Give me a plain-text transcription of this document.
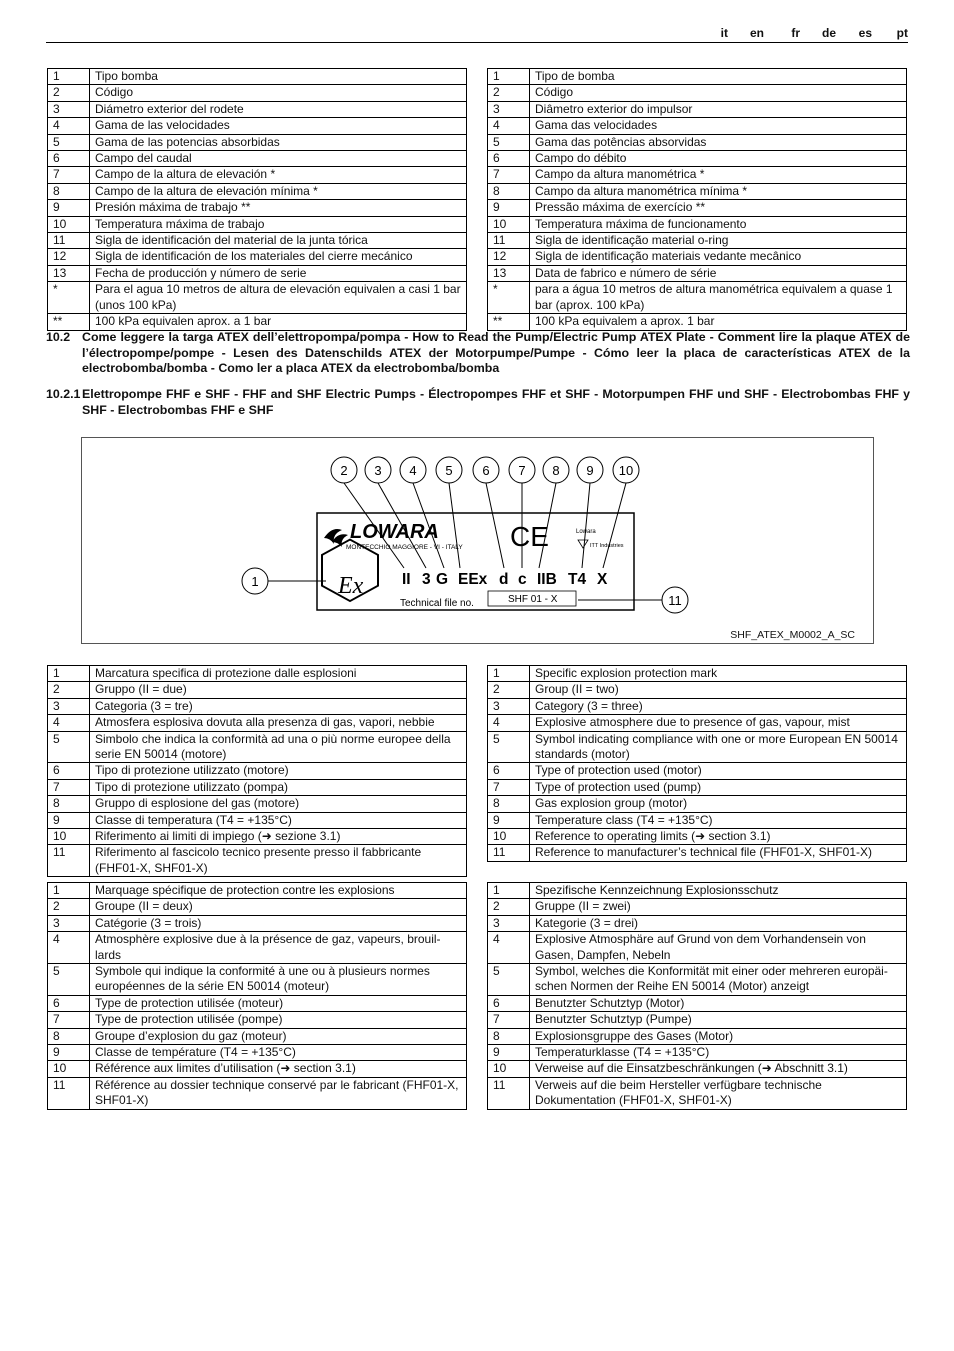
it	en	fr	de	es	pt
1	Tipo bomba
2	Código
3	Diámetro exterior del rodete
4	Gama de las velocidades
5	Gama de las potencias absorbidas
6	Campo del caudal
7	Campo de la altura de elevación *
8	Campo de la altura de elevación mínima *
9	Presión máxima de trabajo **
10	Temperatura máxima de trabajo
11	Sigla de identificación del material de la junta tórica
12	Sigla de identificación de los materiales del cierre mecánico
13	Fecha de producción y número de serie
*	Para el agua 10 metros de altura de elevación equivalen a casi 1 bar (unos 100 kPa)
**	100 kPa equivalen aprox. a 1 bar
1	Tipo de bomba
2	Código
3	Diâmetro exterior do impulsor
4	Gama das velocidades
5	Gama das potências absorvidas
6	Campo do débito
7	Campo da altura manométrica *
8	Campo da altura manométrica mínima *
9	Pressão máxima de exercício **
10	Temperatura máxima de funcionamento
11	Sigla de identificação material o-ring
12	Sigla de identificação materiais vedante mecânico
13	Data de fabrico e número de série
*	para a água 10 metros de altura manométrica equivalem a quase 1 bar (aprox. 100 kPa)
**	100 kPa equivalem a aprox. 1 bar
10.2 Come leggere la targa ATEX dell’elettropompa/pompa - How to Read the Pump/Electric Pump ATEX Plate - Comment lire la plaque ATEX de l’électropompe/pompe - Lesen des Datenschilds ATEX der Motorpumpe/Pumpe - Cómo leer la placa de características ATEX de la electrobomba/bomba - Como ler a placa ATEX da electrobomba/bomba
10.2.1 Elettropompe FHF e SHF - FHF and SHF Electric Pumps - Électropompes FHF et SHF - Motorpumpen FHF und SHF - Electrobombas FHF y SHF - Electrobombas FHF e SHF
2 3 4 5 6 7 8 9 10
1
11
LOWARA
MONTECCHIO MAGGIORE - VI - ITALY CE	Lowara
ITT Industries
Ex II 3 G EEx d c IIB T4 X
Technical file no.	SHF 01 - X
SHF_ATEX_M0002_A_SC
1	Marcatura specifica di protezione dalle esplosioni
2	Gruppo (II = due)
3	Categoria (3 = tre)
4	Atmosfera esplosiva dovuta alla presenza di gas, vapori, nebbie
5	Simbolo che indica la conformità ad una o più norme europee della serie EN 50014 (motore)
6	Tipo di protezione utilizzato (motore)
7	Tipo di protezione utilizzato (pompa)
8	Gruppo di esplosione del gas (motore)
9	Classe di temperatura (T4 = +135°C)
10	Riferimento ai limiti di impiego (➜ sezione 3.1)
11	Riferimento al fascicolo tecnico presente presso il fabbricante (FHF01-X, SHF01-X)
1	Specific explosion protection mark
2	Group (II = two)
3	Category (3 = three)
4	Explosive atmosphere due to presence of gas, vapour, mist
5	Symbol indicating compliance with one or more European EN 50014 standards (motor)
6	Type of protection used (motor)
7	Type of protection used (pump)
8	Gas explosion group (motor)
9	Temperature class (T4 = +135°C)
10	Reference to operating limits (➜ section 3.1)
11	Reference to manufacturer’s technical file (FHF01-X, SHF01-X)
1	Marquage spécifique de protection contre les explosions
2	Groupe (II = deux)
3	Catégorie (3 = trois)
4	Atmosphère explosive due à la présence de gaz, vapeurs, brouil-lards
5	Symbole qui indique la conformité à une ou à plusieurs normes européennes de la série EN 50014 (moteur)
6	Type de protection utilisée (moteur)
7	Type de protection utilisée (pompe)
8	Groupe d’explosion du gaz (moteur)
9	Classe de température (T4 = +135°C)
10	Référence aux limites d’utilisation (➜ section 3.1)
11	Référence au dossier technique conservé par le fabricant (FHF01-X, SHF01-X)
1	Spezifische Kennzeichnung Explosionsschutz
2	Gruppe (II = zwei)
3	Kategorie (3 = drei)
4	Explosive Atmosphäre auf Grund von dem Vorhandensein von Gasen, Dampfen, Nebeln
5	Symbol, welches die Konformität mit einer oder mehreren europäi-schen Normen der Reihe EN 50014 (Motor) anzeigt
6	Benutzter Schutztyp (Motor)
7	Benutzter Schutztyp (Pumpe)
8	Explosionsgruppe des Gases (Motor)
9	Temperaturklasse (T4 = +135°C)
10	Verweise auf die Einsatzbeschränkungen (➜ Abschnitt 3.1)
11	Verweis auf die beim Hersteller verfügbare technische Dokumentation (FHF01-X, SHF01-X)
